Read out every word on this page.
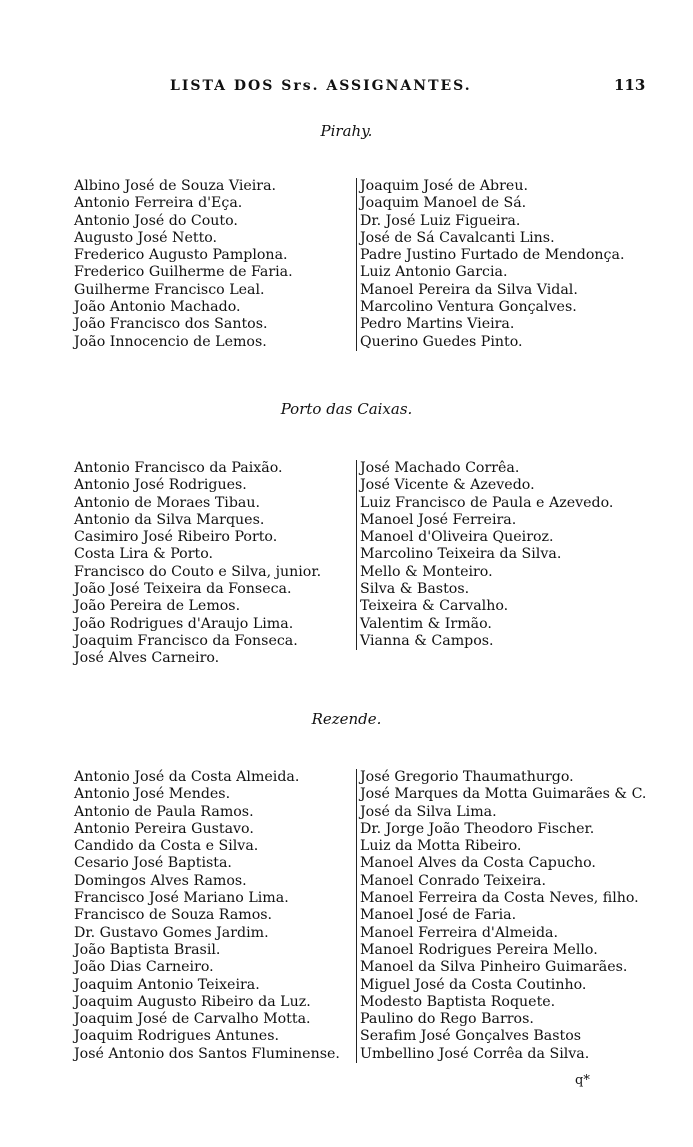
LISTA DOS Srs. ASSIGNANTES.	113
Pirahy.
Albino José de Souza Vieira.
Antonio Ferreira d'Eça.
Antonio José do Couto.
Augusto José Netto.
Frederico Augusto Pamplona.
Frederico Guilherme de Faria.
Guilherme Francisco Leal.
João Antonio Machado.
João Francisco dos Santos.
João Innocencio de Lemos.
Joaquim José de Abreu.
Joaquim Manoel de Sá.
Dr. José Luiz Figueira.
José de Sá Cavalcanti Lins.
Padre Justino Furtado de Mendonça.
Luiz Antonio Garcia.
Manoel Pereira da Silva Vidal.
Marcolino Ventura Gonçalves.
Pedro Martins Vieira.
Querino Guedes Pinto.
Porto das Caixas.
Antonio Francisco da Paixão.
Antonio José Rodrigues.
Antonio de Moraes Tibau.
Antonio da Silva Marques.
Casimiro José Ribeiro Porto.
Costa Lira & Porto.
Francisco do Couto e Silva, junior.
João José Teixeira da Fonseca.
João Pereira de Lemos.
João Rodrigues d'Araujo Lima.
Joaquim Francisco da Fonseca.
José Alves Carneiro.
José Machado Corrêa.
José Vicente & Azevedo.
Luiz Francisco de Paula e Azevedo.
Manoel José Ferreira.
Manoel d'Oliveira Queiroz.
Marcolino Teixeira da Silva.
Mello & Monteiro.
Silva & Bastos.
Teixeira & Carvalho.
Valentim & Irmão.
Vianna & Campos.
Rezende.
Antonio José da Costa Almeida.
Antonio José Mendes.
Antonio de Paula Ramos.
Antonio Pereira Gustavo.
Candido da Costa e Silva.
Cesario José Baptista.
Domingos Alves Ramos.
Francisco José Mariano Lima.
Francisco de Souza Ramos.
Dr. Gustavo Gomes Jardim.
João Baptista Brasil.
João Dias Carneiro.
Joaquim Antonio Teixeira.
Joaquim Augusto Ribeiro da Luz.
Joaquim José de Carvalho Motta.
Joaquim Rodrigues Antunes.
José Antonio dos Santos Fluminense.
José Gregorio Thaumathurgo.
José Marques da Motta Guimarães & C.
José da Silva Lima.
Dr. Jorge João Theodoro Fischer.
Luiz da Motta Ribeiro.
Manoel Alves da Costa Capucho.
Manoel Conrado Teixeira.
Manoel Ferreira da Costa Neves, filho.
Manoel José de Faria.
Manoel Ferreira d'Almeida.
Manoel Rodrigues Pereira Mello.
Manoel da Silva Pinheiro Guimarães.
Miguel José da Costa Coutinho.
Modesto Baptista Roquete.
Paulino do Rego Barros.
Serafim José Gonçalves Bastos
Umbellino José Corrêa da Silva.
q*
